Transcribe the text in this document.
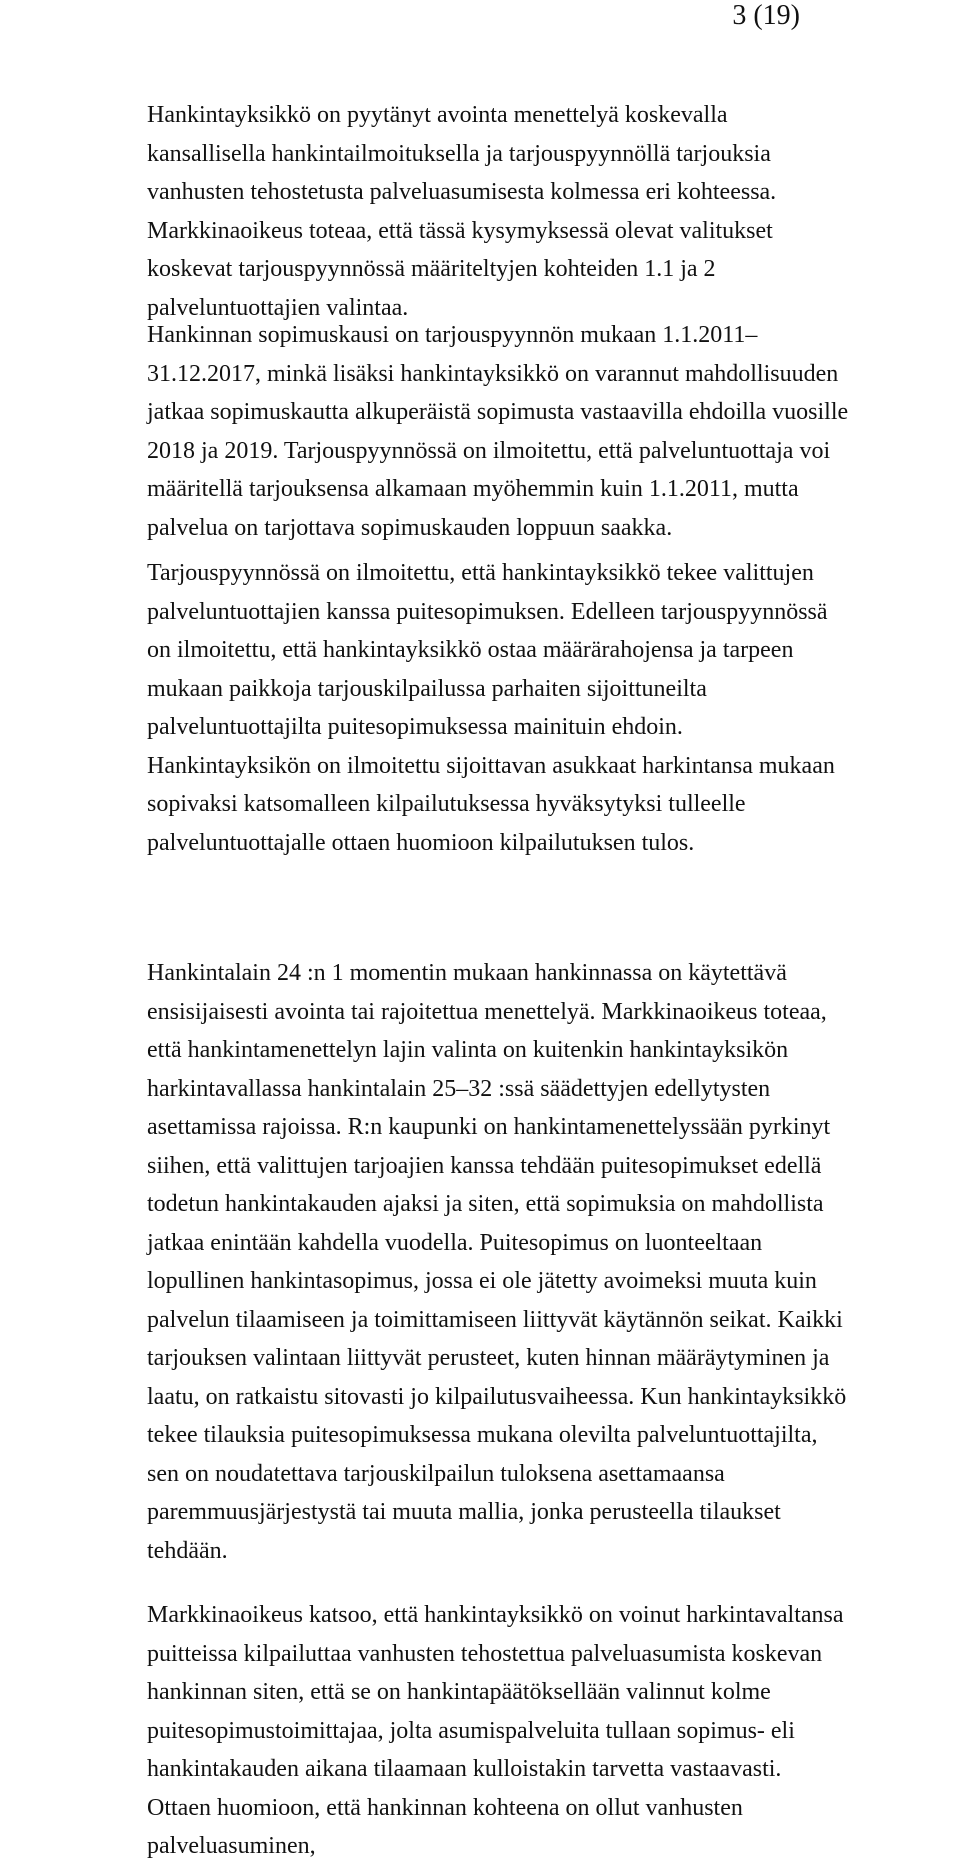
3 (19)

Hankintayksikkö on pyytänyt avointa menettelyä koskevalla
kansallisella hankintailmoituksella ja tarjouspyynnöllä tarjouksia
vanhusten tehostetusta palveluasumisesta kolmessa eri kohteessa.
Markkinaoikeus toteaa, että tässä kysymyksessä olevat valitukset
koskevat tarjouspyynnössä määriteltyjen kohteiden 1.1 ja 2
palveluntuottajien valintaa.

Hankinnan sopimuskausi on tarjouspyynnön mukaan 1.1.2011–
31.12.2017, minkä lisäksi hankintayksikkö on varannut mahdollisuuden
jatkaa sopimuskautta alkuperäistä sopimusta vastaavilla ehdoilla vuosille
2018 ja 2019. Tarjouspyynnössä on ilmoitettu, että palveluntuottaja voi
määritellä tarjouksensa alkamaan myöhemmin kuin 1.1.2011, mutta
palvelua on tarjottava sopimuskauden loppuun saakka.

Tarjouspyynnössä on ilmoitettu, että hankintayksikkö tekee valittujen
palveluntuottajien kanssa puitesopimuksen. Edelleen tarjouspyynnössä
on ilmoitettu, että hankintayksikkö ostaa määrärahojensa ja tarpeen
mukaan paikkoja tarjouskilpailussa parhaiten sijoittuneilta
palveluntuottajilta puitesopimuksessa mainituin ehdoin.
Hankintayksikön on ilmoitettu sijoittavan asukkaat harkintansa mukaan
sopivaksi katsomalleen kilpailutuksessa hyväksytyksi tulleelle
palveluntuottajalle ottaen huomioon kilpailutuksen tulos.

Hankintalain 24 :n 1 momentin mukaan hankinnassa on käytettävä
ensisijaisesti avointa tai rajoitettua menettelyä. Markkinaoikeus toteaa,
että hankintamenettelyn lajin valinta on kuitenkin hankintayksikön
harkintavallassa hankintalain 25–32 :ssä säädettyjen edellytysten
asettamissa rajoissa. R:n kaupunki on hankintamenettelyssään pyrkinyt
siihen, että valittujen tarjoajien kanssa tehdään puitesopimukset edellä
todetun hankintakauden ajaksi ja siten, että sopimuksia on mahdollista
jatkaa enintään kahdella vuodella. Puitesopimus on luonteeltaan
lopullinen hankintasopimus, jossa ei ole jätetty avoimeksi muuta kuin
palvelun tilaamiseen ja toimittamiseen liittyvät käytännön seikat. Kaikki
tarjouksen valintaan liittyvät perusteet, kuten hinnan määräytyminen ja
laatu, on ratkaistu sitovasti jo kilpailutusvaiheessa. Kun hankintayksikkö
tekee tilauksia puitesopimuksessa mukana olevilta palveluntuottajilta,
sen on noudatettava tarjouskilpailun tuloksena asettamaansa
paremmuusjärjestystä tai muuta mallia, jonka perusteella tilaukset
tehdään.

Markkinaoikeus katsoo, että hankintayksikkö on voinut harkintavaltansa
puitteissa kilpailuttaa vanhusten tehostettua palveluasumista koskevan
hankinnan siten, että se on hankintapäätöksellään valinnut kolme
puitesopimustoimittajaa, jolta asumispalveluita tullaan sopimus- eli
hankintakauden aikana tilaamaan kulloistakin tarvetta vastaavasti.
Ottaen huomioon, että hankinnan kohteena on ollut vanhusten
palveluasuminen,
